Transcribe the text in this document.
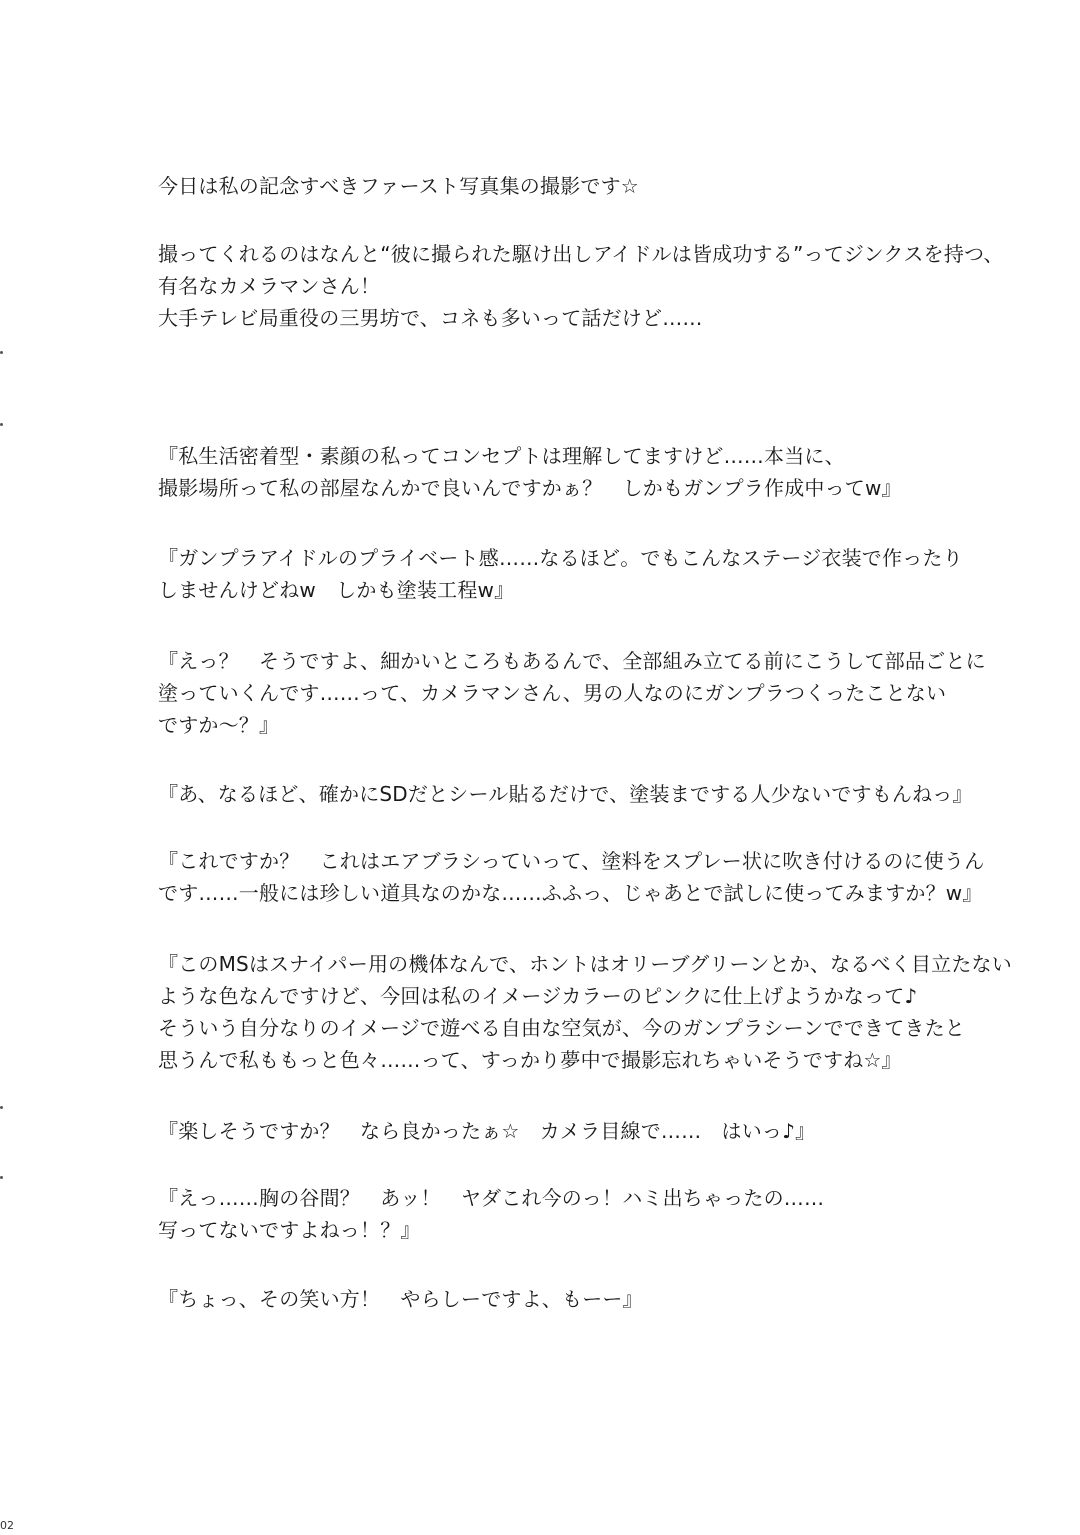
今日は私の記念すべきファースト写真集の撮影です☆
撮ってくれるのはなんと“彼に撮られた駆け出しアイドルは皆成功する”ってジンクスを持つ、
有名なカメラマンさん！
大手テレビ局重役の三男坊で、コネも多いって話だけど……
『私生活密着型・素顔の私ってコンセプトは理解してますけど……本当に、
撮影場所って私の部屋なんかで良いんですかぁ？　しかもガンプラ作成中ってw』
『ガンプラアイドルのプライベート感……なるほど。でもこんなステージ衣装で作ったり
しませんけどねw　しかも塗装工程w』
『えっ？　そうですよ、細かいところもあるんで、全部組み立てる前にこうして部品ごとに
塗っていくんです……って、カメラマンさん、男の人なのにガンプラつくったことない
ですか～？』
『あ、なるほど、確かにSDだとシール貼るだけで、塗装までする人少ないですもんねっ』
『これですか？　これはエアブラシっていって、塗料をスプレー状に吹き付けるのに使うん
です……一般には珍しい道具なのかな……ふふっ、じゃあとで試しに使ってみますか？w』
『このMSはスナイパー用の機体なんで、ホントはオリーブグリーンとか、なるべく目立たない
ような色なんですけど、今回は私のイメージカラーのピンクに仕上げようかなって♪
そういう自分なりのイメージで遊べる自由な空気が、今のガンプラシーンでできてきたと
思うんで私ももっと色々……って、すっかり夢中で撮影忘れちゃいそうですね☆』
『楽しそうですか？　なら良かったぁ☆　カメラ目線で……　はいっ♪』
『えっ……胸の谷間？　あッ！　ヤダこれ今のっ！ハミ出ちゃったの……
写ってないですよねっ！？』
『ちょっ、その笑い方！　やらしーですよ、もーー』
02
